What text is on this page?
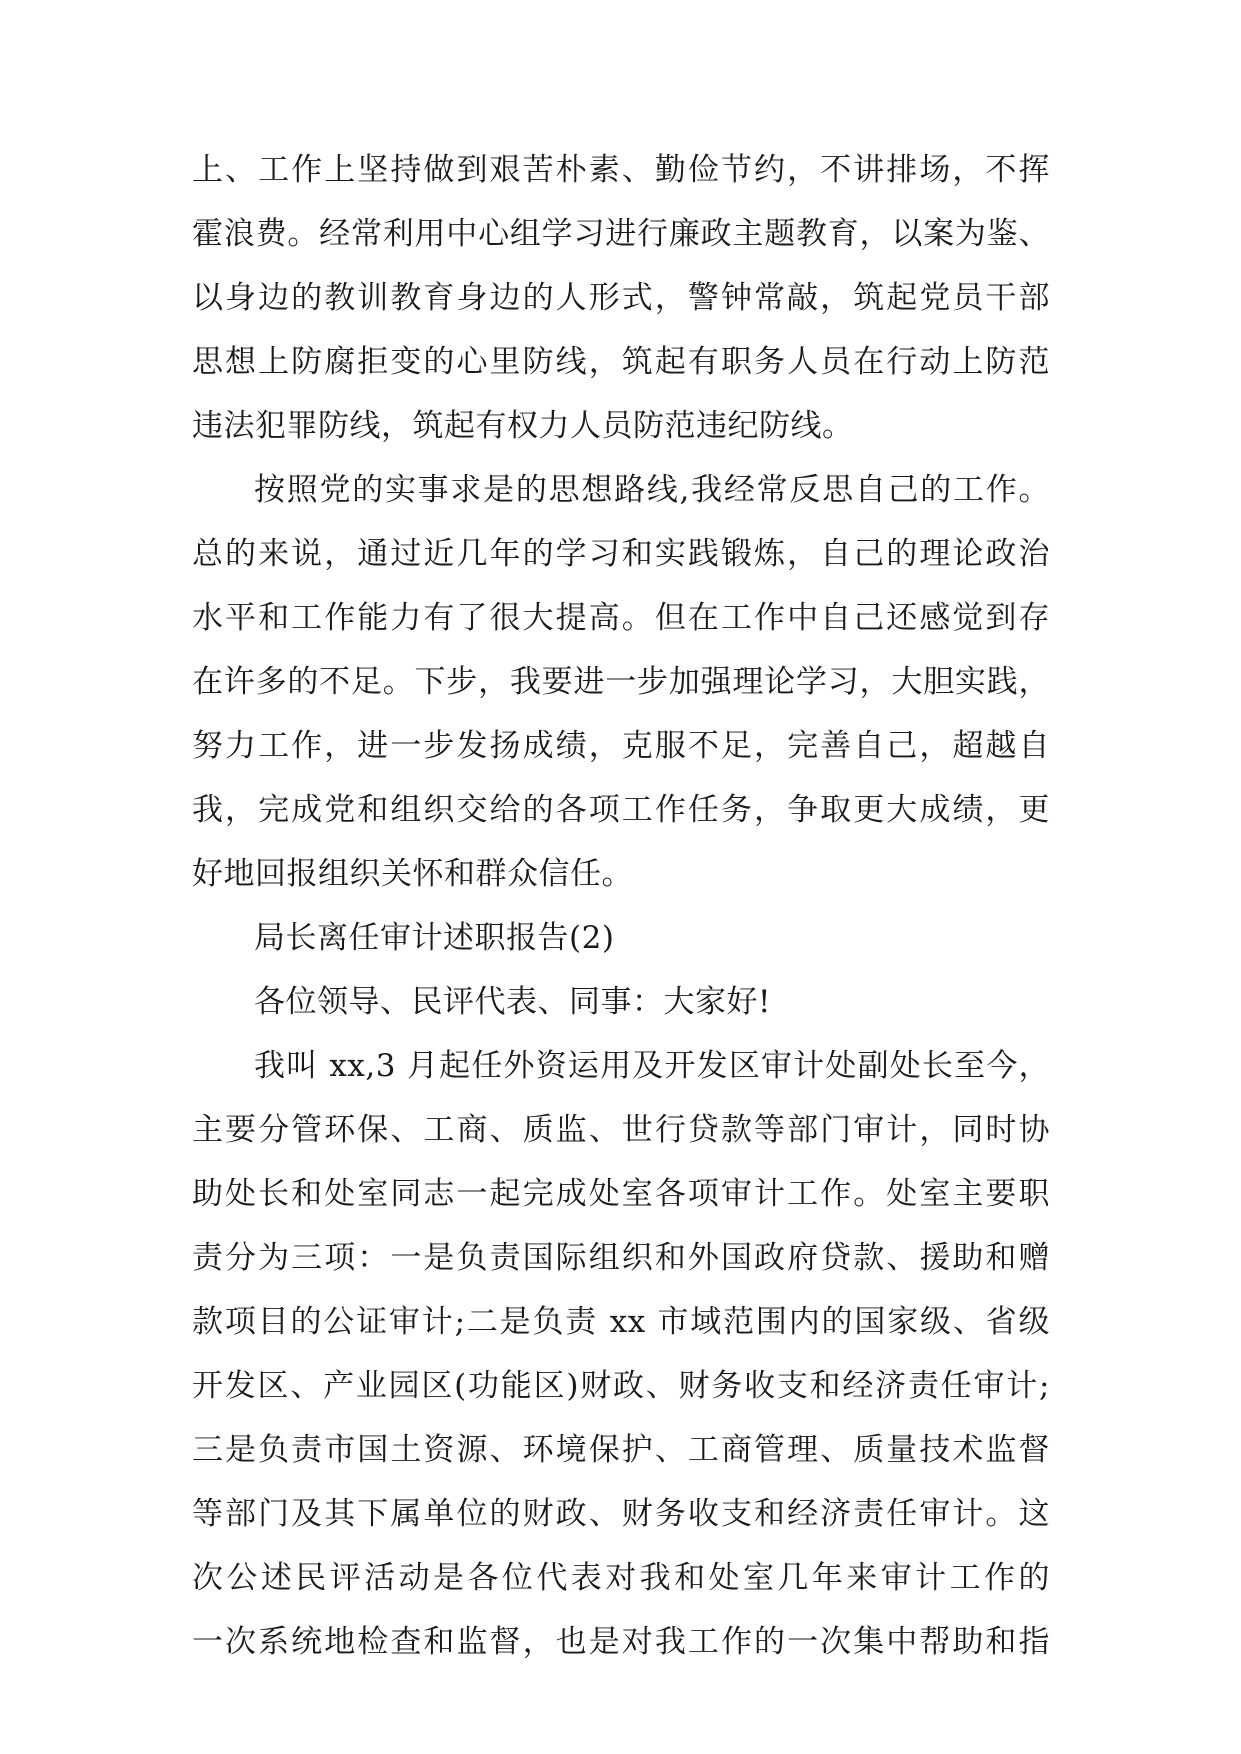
上、工作上坚持做到艰苦朴素、勤俭节约，不讲排场，不挥
霍浪费。经常利用中心组学习进行廉政主题教育，以案为鉴、
以身边的教训教育身边的人形式，警钟常敲，筑起党员干部
思想上防腐拒变的心里防线，筑起有职务人员在行动上防范
违法犯罪防线，筑起有权力人员防范违纪防线。
按照党的实事求是的思想路线,我经常反思自己的工作。
总的来说，通过近几年的学习和实践锻炼，自己的理论政治
水平和工作能力有了很大提高。但在工作中自己还感觉到存
在许多的不足。下步，我要进一步加强理论学习，大胆实践，
努力工作，进一步发扬成绩，克服不足，完善自己，超越自
我，完成党和组织交给的各项工作任务，争取更大成绩，更
好地回报组织关怀和群众信任。
局长离任审计述职报告(2)
各位领导、民评代表、同事：大家好!
我叫 xx,3 月起任外资运用及开发区审计处副处长至今，
主要分管环保、工商、质监、世行贷款等部门审计，同时协
助处长和处室同志一起完成处室各项审计工作。处室主要职
责分为三项：一是负责国际组织和外国政府贷款、援助和赠
款项目的公证审计;二是负责 xx 市域范围内的国家级、省级
开发区、产业园区(功能区)财政、财务收支和经济责任审计;
三是负责市国土资源、环境保护、工商管理、质量技术监督
等部门及其下属单位的财政、财务收支和经济责任审计。这
次公述民评活动是各位代表对我和处室几年来审计工作的
一次系统地检查和监督，也是对我工作的一次集中帮助和指
